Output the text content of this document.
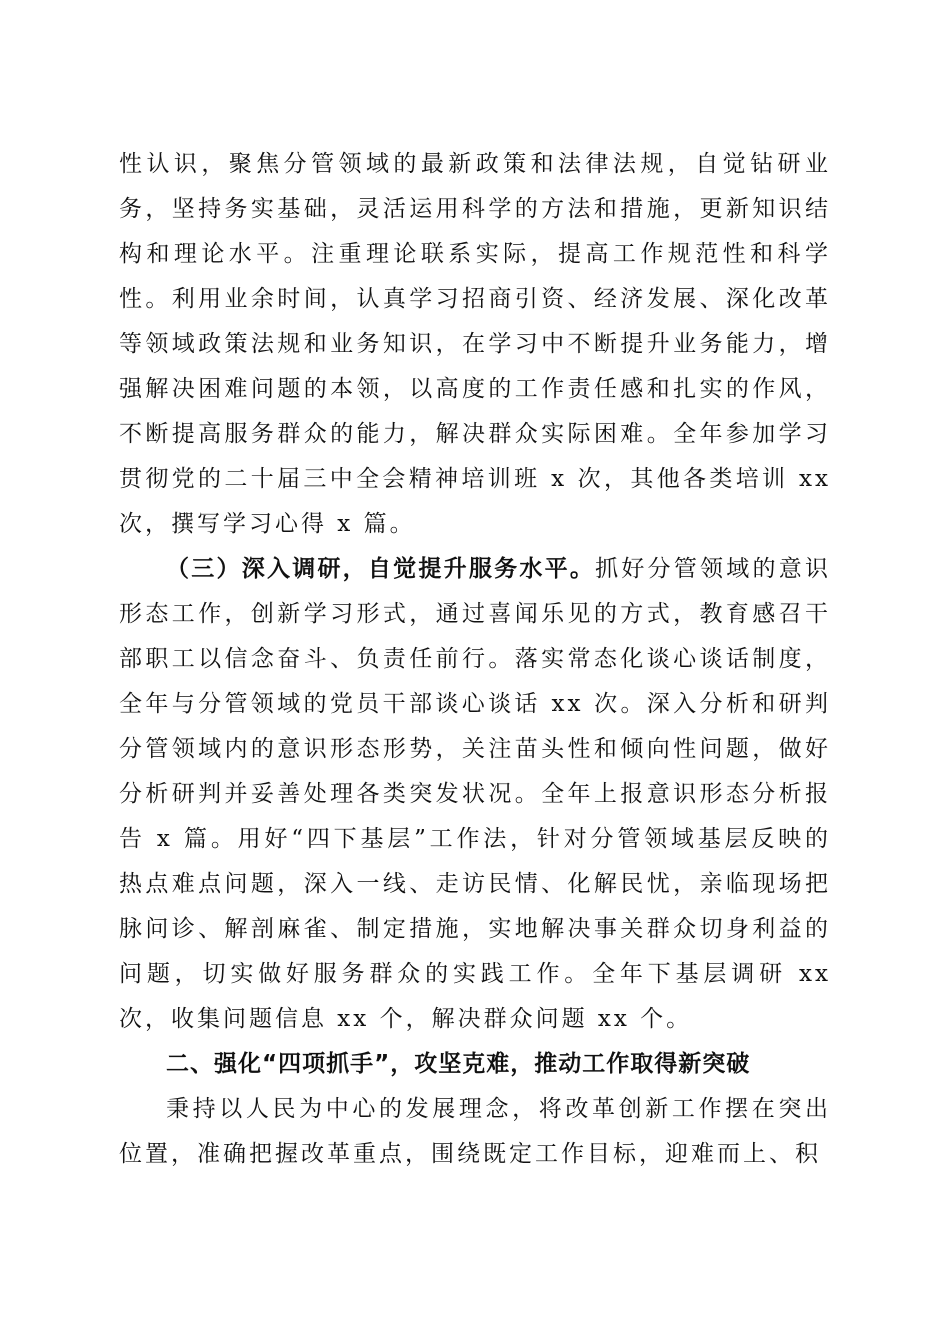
性认识，聚焦分管领域的最新政策和法律法规，自觉钻研业务，坚持务实基础，灵活运用科学的方法和措施，更新知识结构和理论水平。注重理论联系实际，提高工作规范性和科学性。利用业余时间，认真学习招商引资、经济发展、深化改革等领域政策法规和业务知识，在学习中不断提升业务能力，增强解决困难问题的本领，以高度的工作责任感和扎实的作风，不断提高服务群众的能力，解决群众实际困难。全年参加学习贯彻党的二十届三中全会精神培训班 x 次，其他各类培训 xx 次，撰写学习心得 x 篇。

（三）深入调研，自觉提升服务水平。抓好分管领域的意识形态工作，创新学习形式，通过喜闻乐见的方式，教育感召干部职工以信念奋斗、负责任前行。落实常态化谈心谈话制度，全年与分管领域的党员干部谈心谈话 xx 次。深入分析和研判分管领域内的意识形态形势，关注苗头性和倾向性问题，做好分析研判并妥善处理各类突发状况。全年上报意识形态分析报告 x 篇。用好“四下基层”工作法，针对分管领域基层反映的热点难点问题，深入一线、走访民情、化解民忧，亲临现场把脉问诊、解剖麻雀、制定措施，实地解决事关群众切身利益的问题，切实做好服务群众的实践工作。全年下基层调研 xx 次，收集问题信息 xx 个，解决群众问题 xx 个。

二、强化“四项抓手”，攻坚克难，推动工作取得新突破

秉持以人民为中心的发展理念，将改革创新工作摆在突出位置，准确把握改革重点，围绕既定工作目标，迎难而上、积
